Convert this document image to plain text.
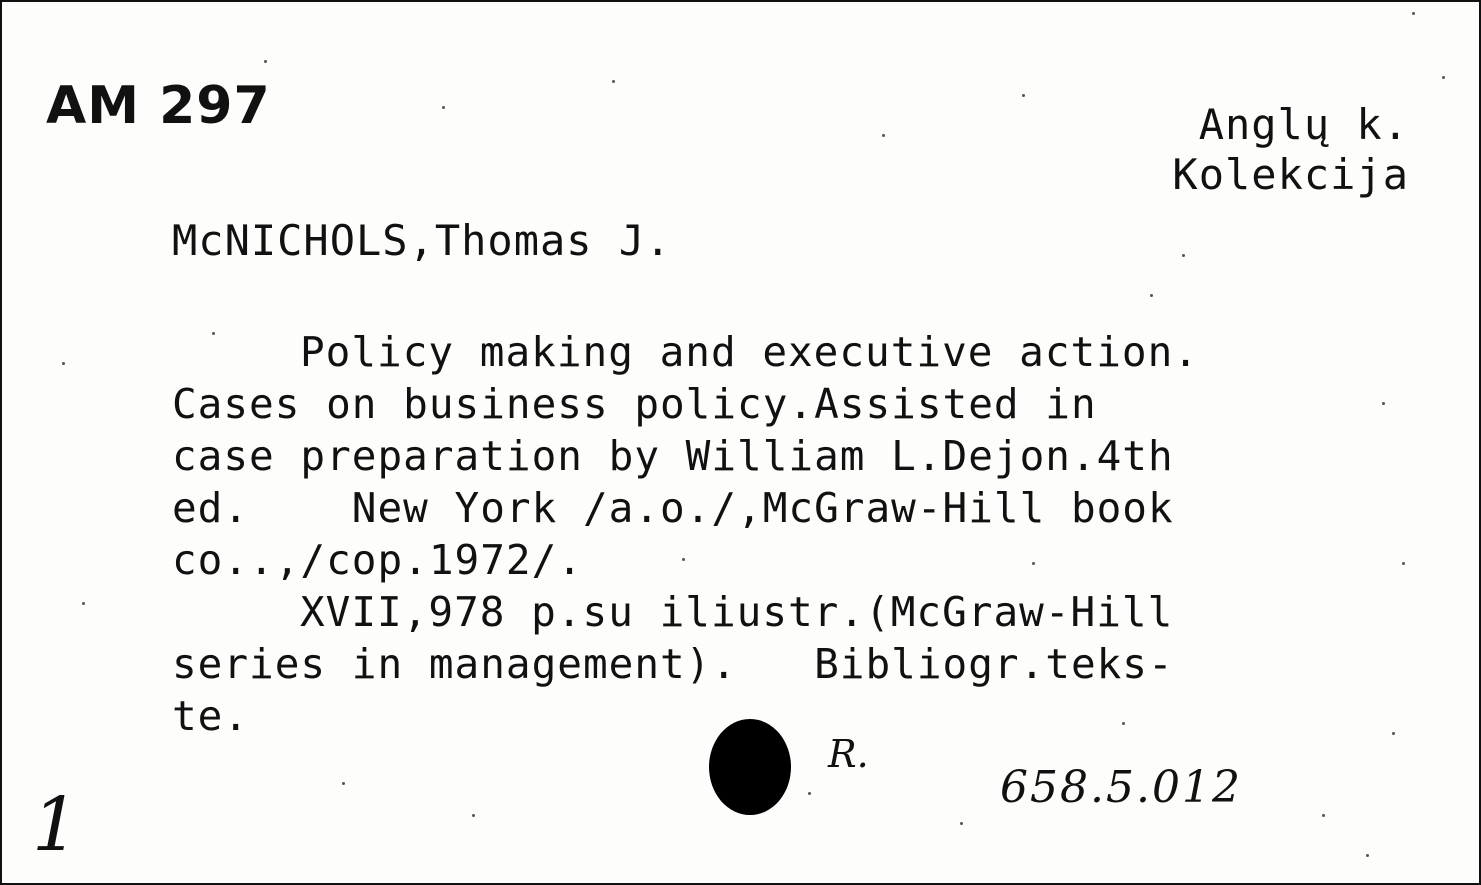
AM 297	Anglų k.
Kolekcija
McNICHOLS,Thomas J.
Policy making and executive action.
Cases on business policy.Assisted in
case preparation by William L.Dejon.4th
ed.    New York /a.o./,McGraw-Hill book
co..,/cop.1972/.
XVII,978 p.su iliustr.(McGraw-Hill
series in management).   Bibliogr.teks-
te.
R.
658.5.012
1
